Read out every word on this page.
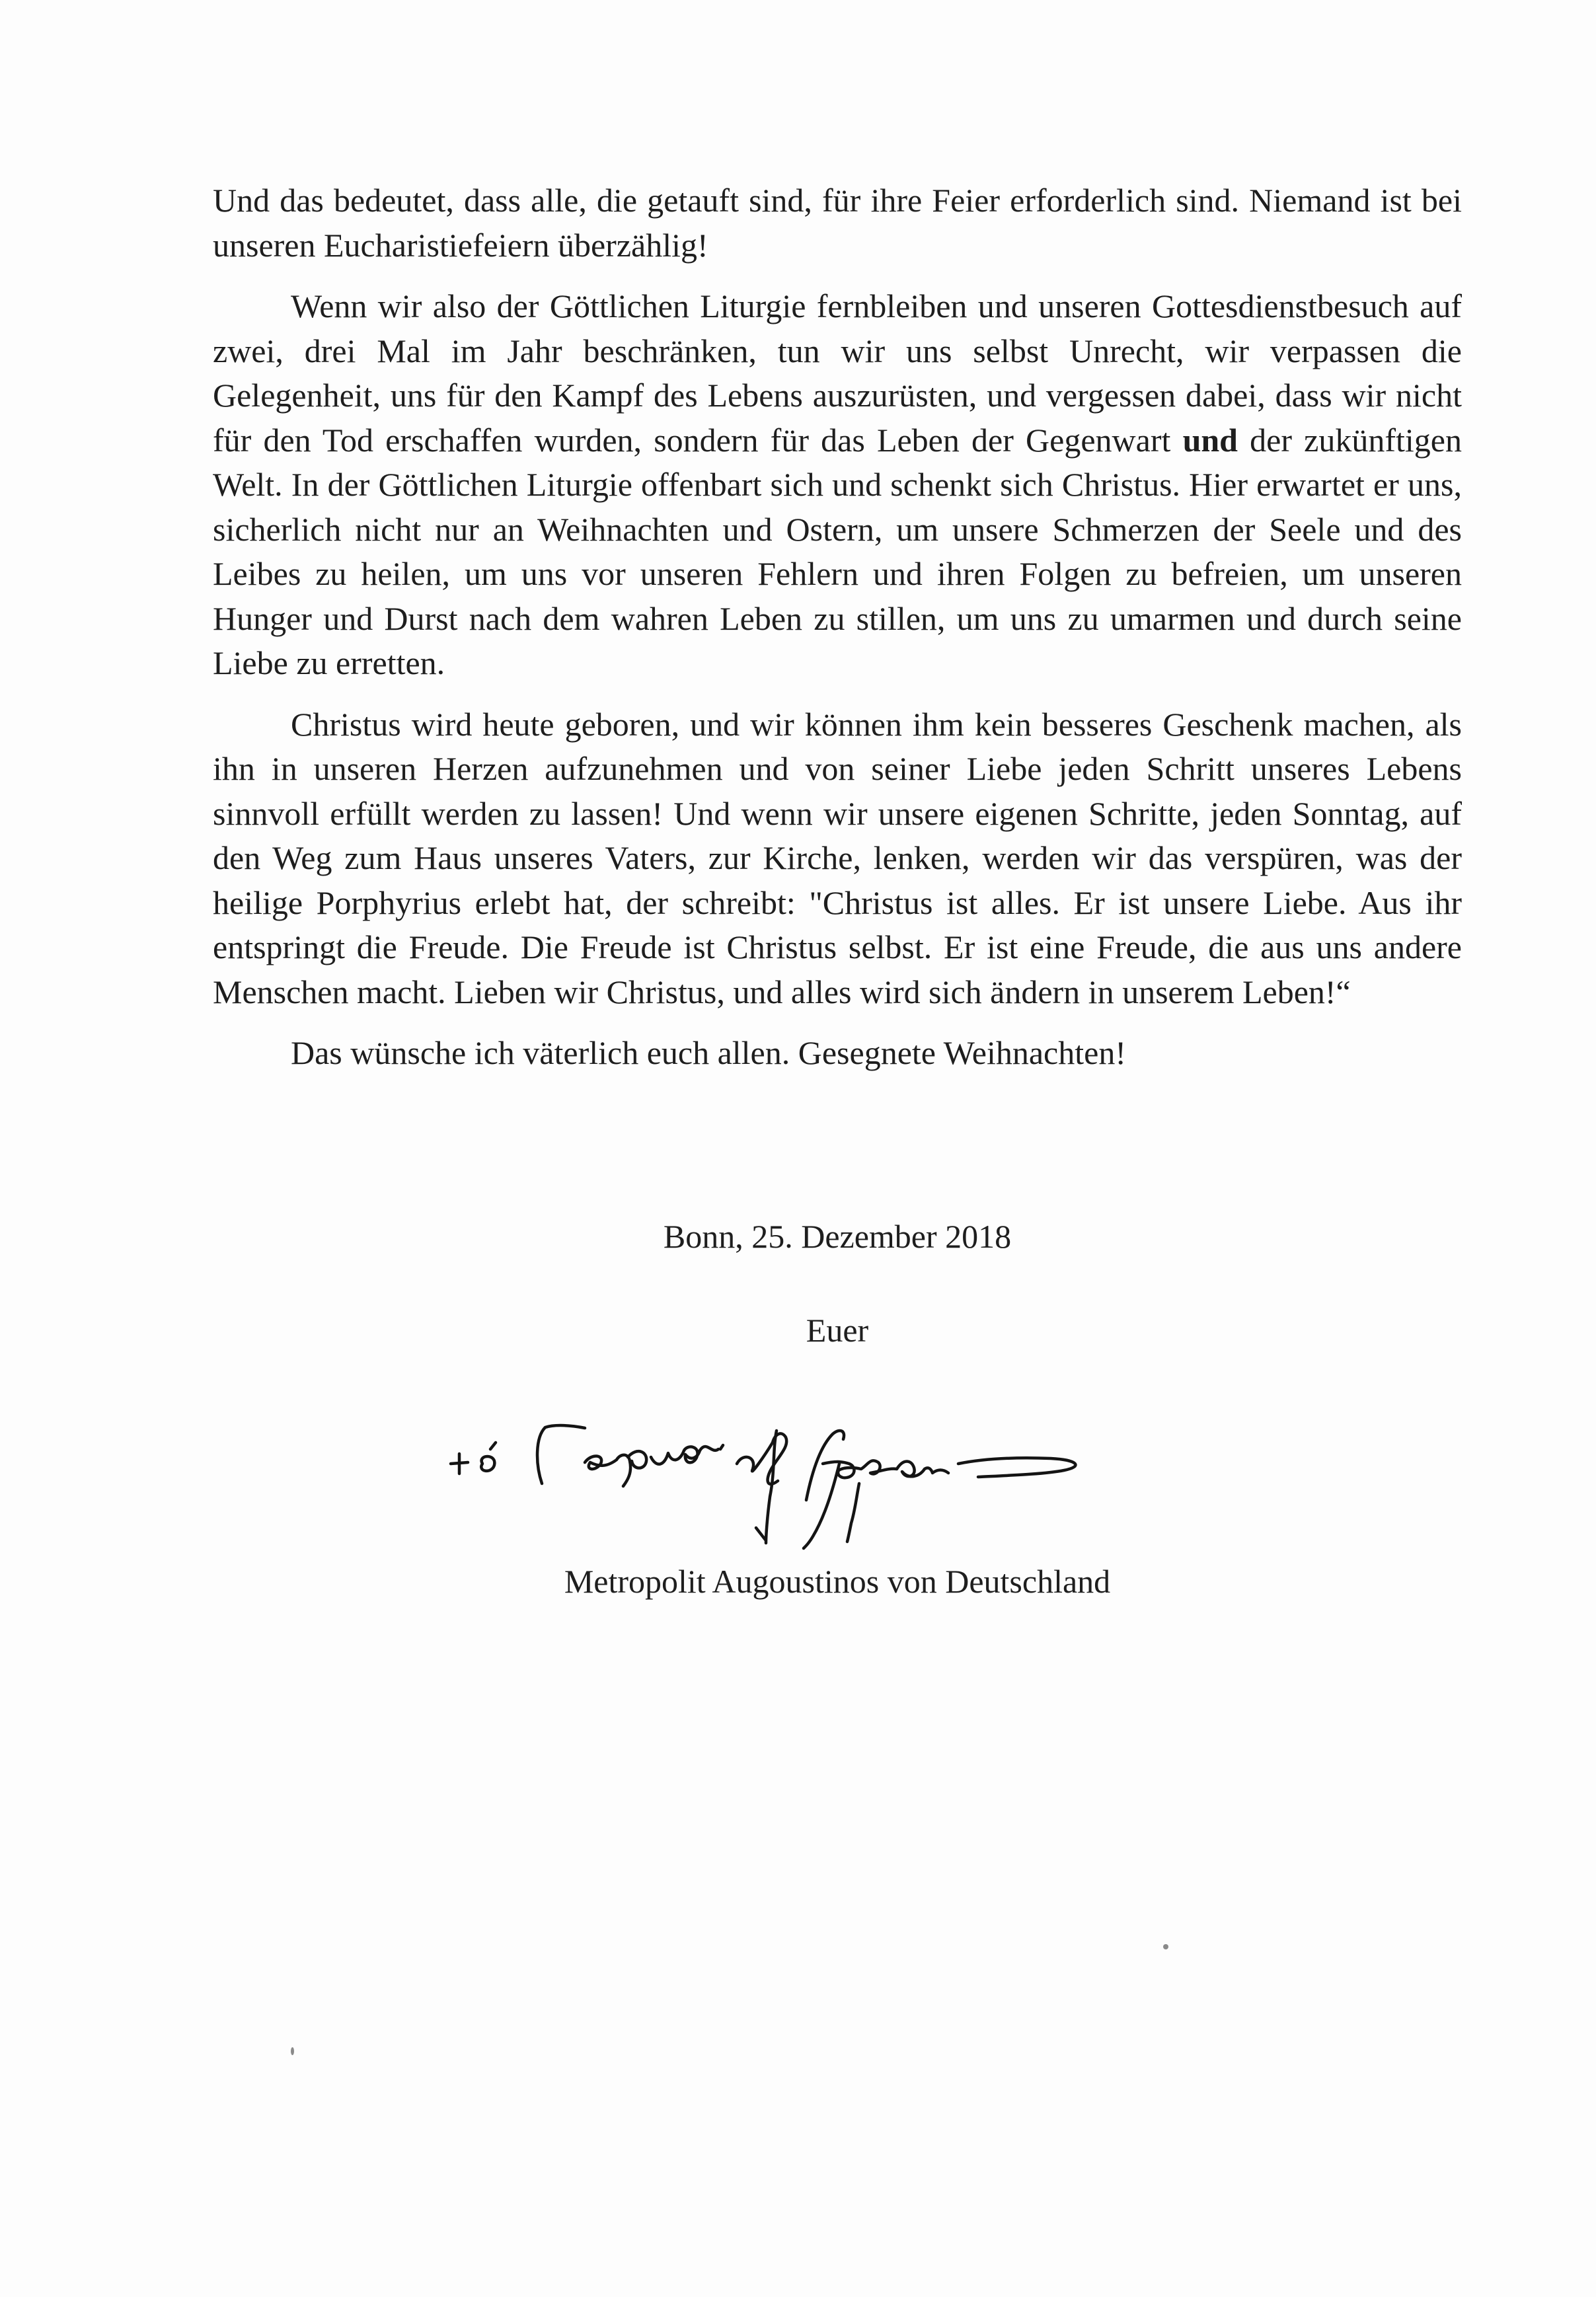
Und das bedeutet, dass alle, die getauft sind, für ihre Feier erforderlich sind. Niemand ist bei unseren Eucharistiefeiern überzählig!

Wenn wir also der Göttlichen Liturgie fernbleiben und unseren Gottesdienstbesuch auf zwei, drei Mal im Jahr beschränken, tun wir uns selbst Unrecht, wir verpassen die Gelegenheit, uns für den Kampf des Lebens auszurüsten, und vergessen dabei, dass wir nicht für den Tod erschaffen wurden, sondern für das Leben der Gegenwart und der zukünftigen Welt. In der Göttlichen Liturgie offenbart sich und schenkt sich Christus. Hier erwartet er uns, sicherlich nicht nur an Weihnachten und Ostern, um unsere Schmerzen der Seele und des Leibes zu heilen, um uns vor unseren Fehlern und ihren Folgen zu befreien, um unseren Hunger und Durst nach dem wahren Leben zu stillen, um uns zu umarmen und durch seine Liebe zu erretten.

Christus wird heute geboren, und wir können ihm kein besseres Geschenk machen, als ihn in unseren Herzen aufzunehmen und von seiner Liebe jeden Schritt unseres Lebens sinnvoll erfüllt werden zu lassen! Und wenn wir unsere eigenen Schritte, jeden Sonntag, auf den Weg zum Haus unseres Vaters, zur Kirche, lenken, werden wir das verspüren, was der heilige Porphyrius erlebt hat, der schreibt: "Christus ist alles. Er ist unsere Liebe. Aus ihr entspringt die Freude. Die Freude ist Christus selbst. Er ist eine Freude, die aus uns andere Menschen macht. Lieben wir Christus, und alles wird sich ändern in unserem Leben!“

Das wünsche ich väterlich euch allen. Gesegnete Weihnachten!

Bonn, 25. Dezember 2018
Euer
Metropolit Augoustinos von Deutschland
